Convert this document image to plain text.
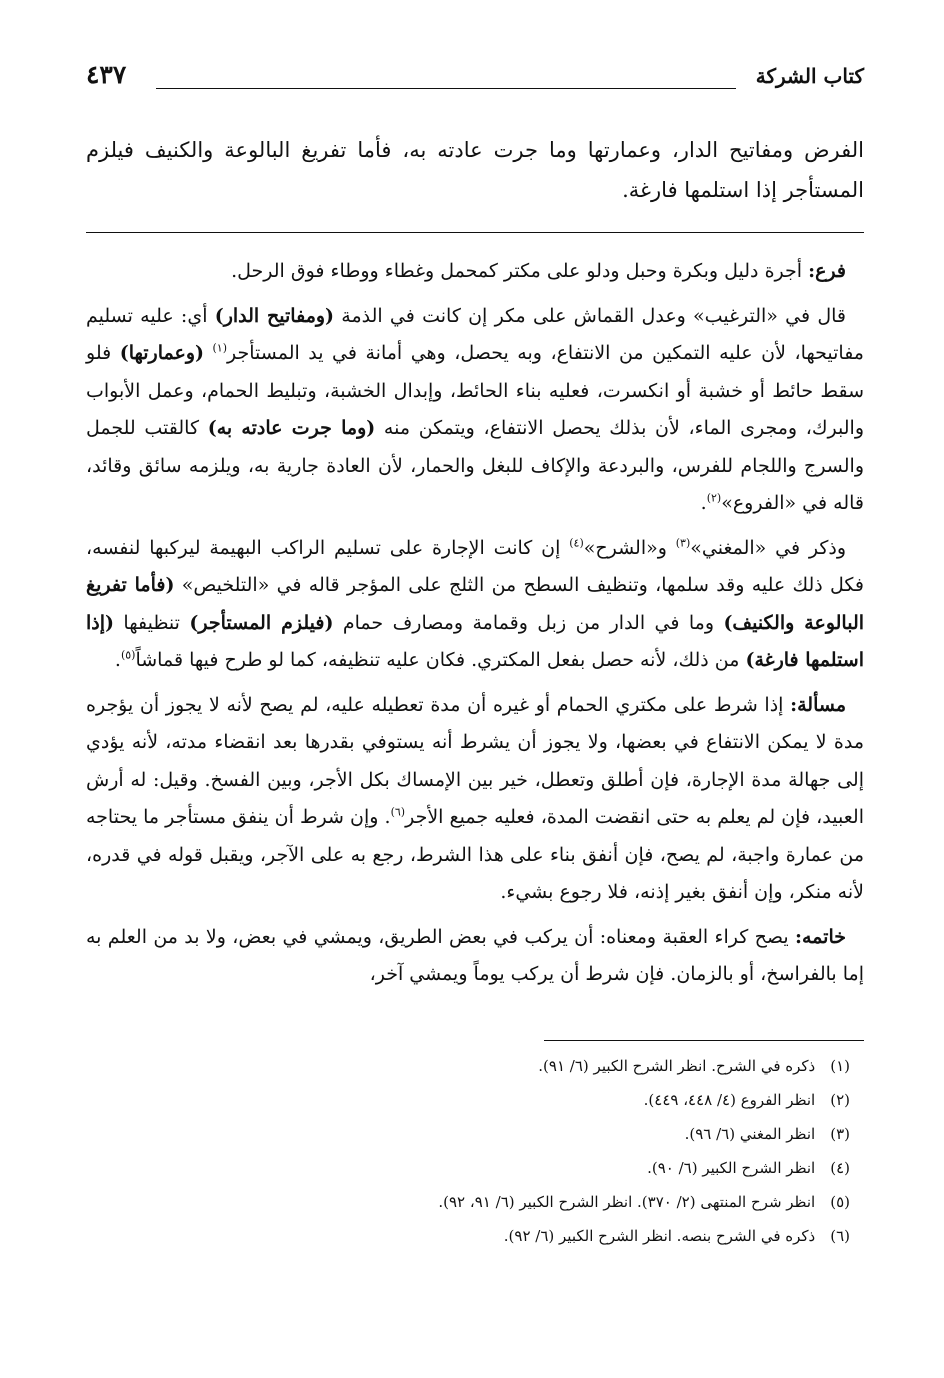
كتاب الشركة
٤٣٧
الفرض ومفاتيح الدار، وعمارتها وما جرت عادته به، فأما تفريغ البالوعة والكنيف فيلزم المستأجر إذا استلمها فارغة.

فرع: أجرة دليل وبكرة وحبل ودلو على مكتر كمحمل وغطاء ووطاء فوق الرحل.

قال في «الترغيب» وعدل القماش على مكر إن كانت في الذمة (ومفاتيح الدار) أي: عليه تسليم مفاتيحها، لأن عليه التمكين من الانتفاع، وبه يحصل، وهي أمانة في يد المستأجر$^{(١)}$ (وعمارتها) فلو سقط حائط أو خشبة أو انكسرت، فعليه بناء الحائط، وإبدال الخشبة، وتبليط الحمام، وعمل الأبواب والبرك، ومجرى الماء، لأن بذلك يحصل الانتفاع، ويتمكن منه (وما جرت عادته به) كالقتب للجمل والسرج واللجام للفرس، والبردعة والإكاف للبغل والحمار، لأن العادة جارية به، ويلزمه سائق وقائد، قاله في «الفروع»$^{(٢)}$.

وذكر في «المغني»$^{(٣)}$ و«الشرح»$^{(٤)}$ إن كانت الإجارة على تسليم الراكب البهيمة ليركبها لنفسه، فكل ذلك عليه وقد سلمها، وتنظيف السطح من الثلج على المؤجر قاله في «التلخيص» (فأما تفريغ البالوعة والكنيف) وما في الدار من زبل وقمامة ومصارف حمام (فيلزم المستأجر) تنظيفها (إذا استلمها فارغة) من ذلك، لأنه حصل بفعل المكتري. فكان عليه تنظيفه، كما لو طرح فيها قماشاً$^{(٥)}$.

مسألة: إذا شرط على مكتري الحمام أو غيره أن مدة تعطيله عليه، لم يصح لأنه لا يجوز أن يؤجره مدة لا يمكن الانتفاع في بعضها، ولا يجوز أن يشرط أنه يستوفي بقدرها بعد انقضاء مدته، لأنه يؤدي إلى جهالة مدة الإجارة، فإن أطلق وتعطل، خير بين الإمساك بكل الأجر، وبين الفسخ. وقيل: له أرش العبيد، فإن لم يعلم به حتى انقضت المدة، فعليه جميع الأجر$^{(٦)}$. وإن شرط أن ينفق مستأجر ما يحتاجه من عمارة واجبة، لم يصح، فإن أنفق بناء على هذا الشرط، رجع به على الآجر، ويقبل قوله في قدره، لأنه منكر، وإن أنفق بغير إذنه، فلا رجوع بشيء.

خاتمه: يصح كراء العقبة ومعناه: أن يركب في بعض الطريق، ويمشي في بعض، ولا بد من العلم به إما بالفراسخ، أو بالزمان. فإن شرط أن يركب يوماً ويمشي آخر،

(١) ذكره في الشرح. انظر الشرح الكبير (٦/ ٩١).
(٢) انظر الفروع (٤/ ٤٤٨، ٤٤٩).
(٣) انظر المغني (٦/ ٩٦).
(٤) انظر الشرح الكبير (٦/ ٩٠).
(٥) انظر شرح المنتهى (٢/ ٣٧٠). انظر الشرح الكبير (٦/ ٩١، ٩٢).
(٦) ذكره في الشرح بنصه. انظر الشرح الكبير (٦/ ٩٢).
